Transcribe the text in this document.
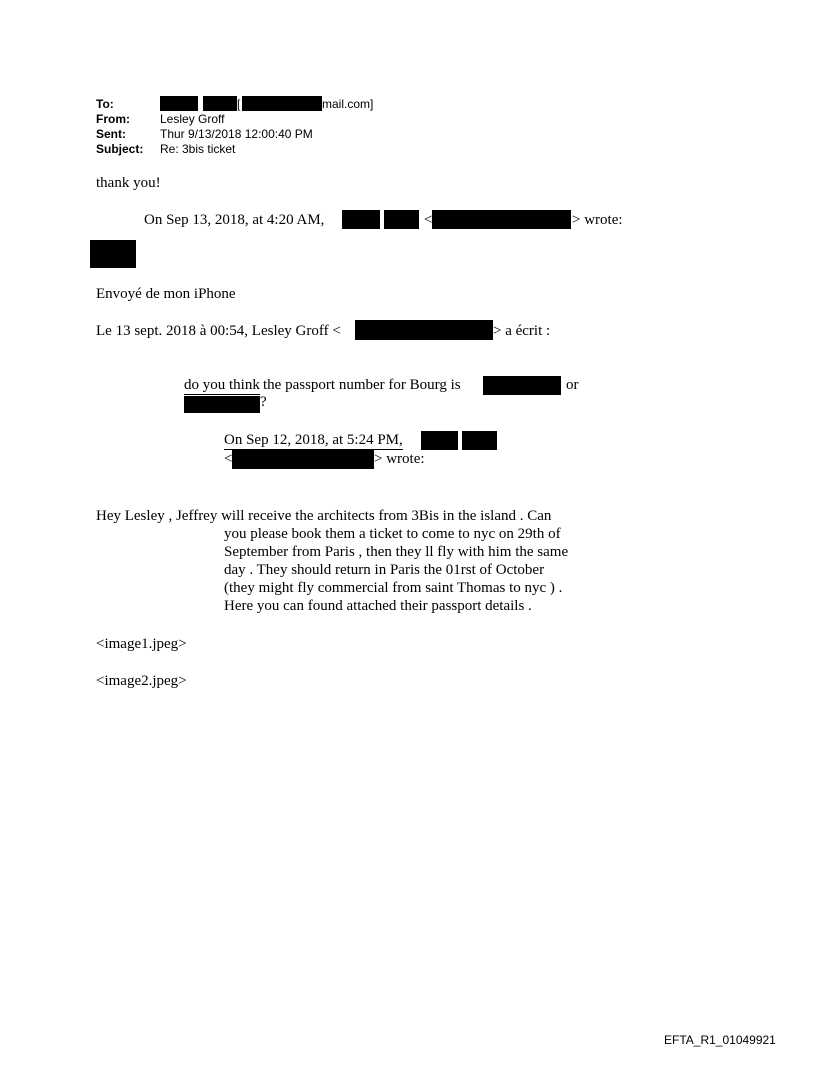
To:	[	mail.com]
From:	Lesley Groff
Sent:	Thur 9/13/2018 12:00:40 PM
Subject: Re: 3bis ticket
thank you!
On Sep 13, 2018, at 4:20 AM,	<	> wrote:
Envoyé de mon iPhone
Le 13 sept. 2018 à 00:54, Lesley Groff <	> a écrit :
do you think the passport number for Bourg is	or
?
On Sep 12, 2018, at 5:24 PM,
<	> wrote:
Hey Lesley , Jeffrey will receive the architects from 3Bis in the island . Can
you please book them a ticket to come to nyc on 29th of
September from Paris , then they ll fly with him the same
day . They should return in Paris the 01rst of October
(they might fly commercial from saint Thomas to nyc ) .
Here you can found attached their passport details .
<image1.jpeg>
<image2.jpeg>
EFTA_R1_01049921
